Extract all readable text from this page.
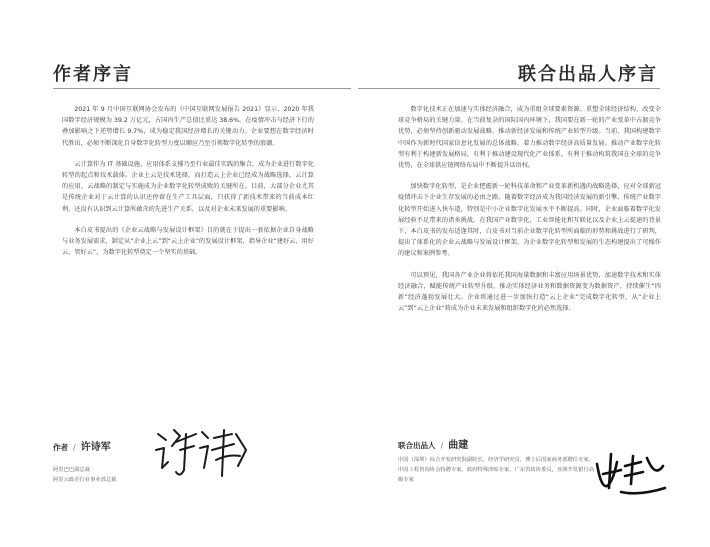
作者序言

2021 年 9 月中国互联网协会发布的《中国互联网发展报告 2021》显示，2020 年我国数字经济规模为 39.2 万亿元，占国内生产总值比重达 38.6%。在疫情冲击与经济下行的叠加影响之下逆势增长 9.7%，成为稳定我国经济增长的关键动力。企业要想在数字经济时代胜出，必须不断深化自身数字化转型力度以顺应乃至引领数字化转型的浪潮。

云计算作为 IT 基础设施、应用体系支撑乃至行业最佳实践的集合，成为企业进行数字化转型的起点和技术载体。企业上云是技术选择，而打造云上企业已经成为战略选择，云计算的应用、云战略的制定与实施成为企业数字化转型成败的关键所在。目前，大部分企业尤其是传统企业对于云计算的认识还停留在生产工具层面，只获得了新技术带来的当前成本红利，还没有认识到云计算所蕴含的先进生产关系，以及对企业未来发展的重要影响。

本白皮书提出的《企业云战略与发展设计框架》目的就在于提出一套依据企业自身战略与业务发展需求，制定从“企业上云”到“云上企业”的发展设计框架，指导企业“建好云、用好云、管好云”，为数字化转型奠定一个坚实的基础。

作者 / 许诗军
阿里巴巴副总裁
阿里云政企行业事业部总裁
联合出品人序言

数字化技术正在加速与实体经济融合，成为重组全球要素资源、重塑全球经济结构、改变全球竞争格局的关键力量。在当前复杂的国际国内环境下，我国要在新一轮的产业变革中占据竞争优势，必须坚持创新驱动发展战略、推动新经济发展和传统产业转型升级。当前，我国构建数字中国作为新时代国家信息化发展的总体战略，着力推动数字经济高质量发展。推动产业数字化转型有利于构建新发展格局，有利于推动建设现代化产业体系，有利于推动构筑我国在全球的竞争优势，在全球供应链网络布局中不断提升话语权。

加快数字化转型，是企业把握新一轮科技革命和产业变革新机遇的战略选择，应对全球新冠疫情冲击下企业生存发展的必由之路。随着数字经济成为我国经济发展的新引擎，传统产业数字化转型开始进入快车道，特别是中小企业数字化发展水平不断提高。同时，企业面临着数字化发展经验不足带来的诸多挑战。在我国产业数字化、工业智能化和互联化以及企业上云提速的背景下，本白皮书的发布适逢其时，白皮书对当前企业数字化转型所面临的形势和挑战进行了研判，提出了体系化的企业云战略与发展设计框架，为企业数字化转型和发展的生态构建提出了可操作的建议和案例参考。

可以预见，我国各产业企业将依托我国海量数据和丰富应用场景优势，加速数字技术和实体经济融合，赋能传统产业转型升级，推动实体经济业务和数据资源变为数据资产，持续催生“四新”经济蓬勃发展壮大。企业将通过进一步加快打造“云上企业”完成数字化转型，从“企业上云”到“云上企业”将成为企业未来发展和组织数字化的必然选择。

联合出品人 / 曲建
中国（深圳）综合开发研究院副院长，经济学研究员，博士后国家商务部聘任专家，中国工程咨询协会特聘专家，政府特殊津贴专家，广东省政协委员，亚洲开发银行高级专家
